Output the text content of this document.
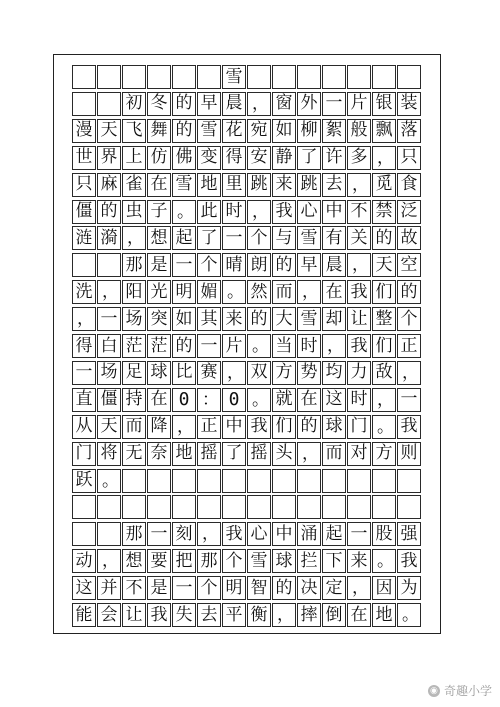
雪
初 冬 的 早 晨 ， 窗 外 一 片 银 装
漫 天 飞 舞 的 雪 花 宛 如 柳 絮 般 飘 落
世 界 上 仿 佛 变 得 安 静 了 许 多 ， 只
只 麻 雀 在 雪 地 里 跳 来 跳 去 ， 觅 食
僵 的 虫 子 。 此 时 ， 我 心 中 不 禁 泛
涟 漪 ， 想 起 了 一 个 与 雪 有 关 的 故
那 是 一 个 晴 朗 的 早 晨 ， 天 空
洗 ， 阳 光 明 媚 。 然 而 ， 在 我 们 的
， 一 场 突 如 其 来 的 大 雪 却 让 整 个
得 白 茫 茫 的 一 片 。 当 时 ， 我 们 正
一 场 足 球 比 赛 ， 双 方 势 均 力 敌 ，
直 僵 持 在 0 ： 0 。 就 在 这 时 ， 一
从 天 而 降 ， 正 中 我 们 的 球 门 。 我
门 将 无 奈 地 摇 了 摇 头 ， 而 对 方 则
跃 。
那 一 刻 ， 我 心 中 涌 起 一 股 强
动 ， 想 要 把 那 个 雪 球 拦 下 来 。 我
这 并 不 是 一 个 明 智 的 决 定 ， 因 为
能 会 让 我 失 去 平 衡 ， 摔 倒 在 地 。
◉ 奇趣小学
